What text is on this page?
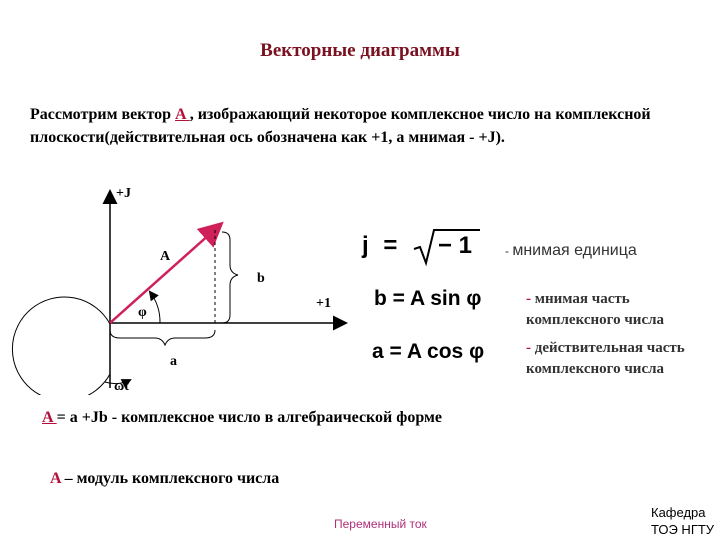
Векторные диаграммы
Рассмотрим вектор A , изображающий некоторое комплексное число на комплексной плоскости(действительная ось обозначена как +1, а мнимая - +J).
+J
+1
A
b
a
φ
ωt
j = − 1	- мнимая единица
b = A sin φ	- мнимая часть комплексного числа
a = A cos φ	- действительная часть комплексного числа
A = a +Jb - комплексное число в алгебраической форме
A – модуль комплексного числа
Переменный ток
Кафедра
ТОЭ НГТУ
